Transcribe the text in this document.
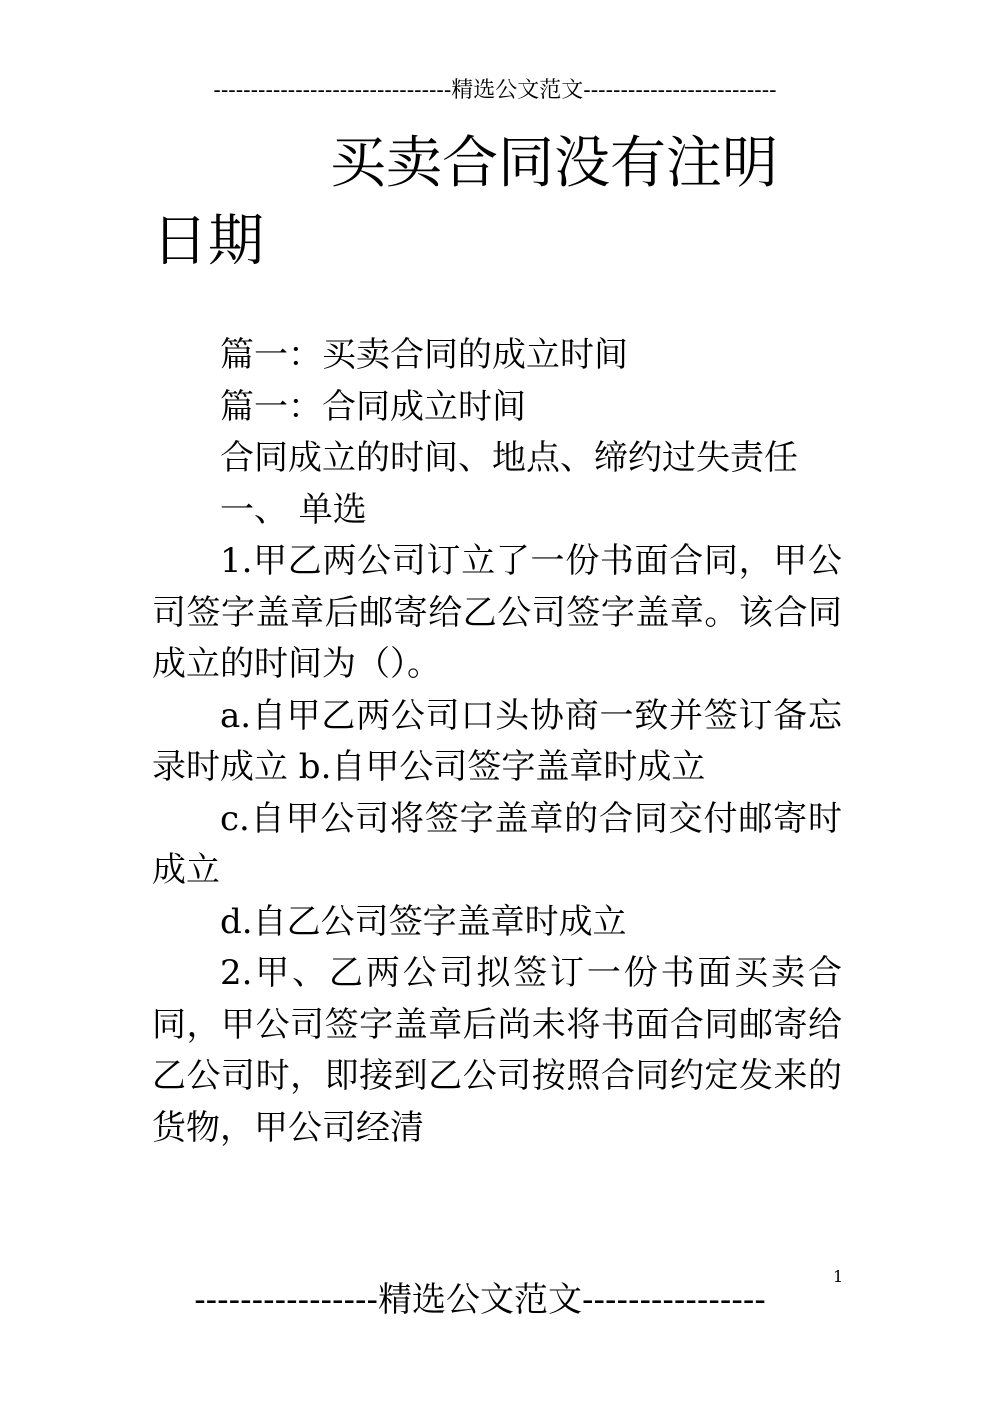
--------------------------------精选公文范文--------------------------
买卖合同没有注明
日期

篇一：买卖合同的成立时间

篇一：合同成立时间

合同成立的时间、地点、缔约过失责任

一、 单选

1.甲乙两公司订立了一份书面合同，甲公司签字盖章后邮寄给乙公司签字盖章。该合同成立的时间为（）。

a.自甲乙两公司口头协商一致并签订备忘录时成立 b.自甲公司签字盖章时成立

c.自甲公司将签字盖章的合同交付邮寄时成立

d.自乙公司签字盖章时成立

2.甲、乙两公司拟签订一份书面买卖合同，甲公司签字盖章后尚未将书面合同邮寄给乙公司时，即接到乙公司按照合同约定发来的货物，甲公司经清

1
----------------精选公文范文----------------
